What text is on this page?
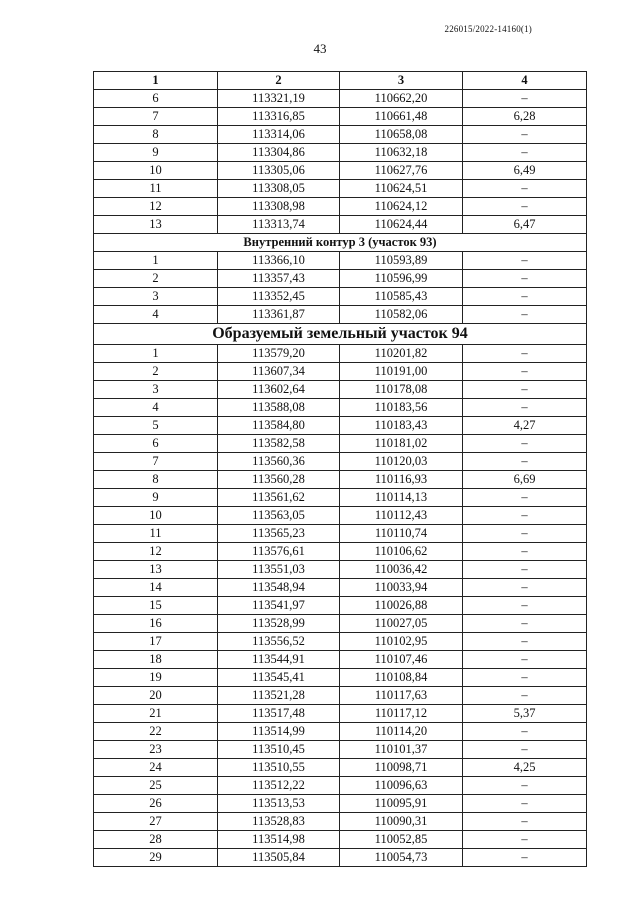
226015/2022-14160(1)
43
1	2	3	4
6	113321,19	110662,20	–
7	113316,85	110661,48	6,28
8	113314,06	110658,08	–
9	113304,86	110632,18	–
10	113305,06	110627,76	6,49
11	113308,05	110624,51	–
12	113308,98	110624,12	–
13	113313,74	110624,44	6,47
Внутренний контур 3 (участок 93)			
1	113366,10	110593,89	–
2	113357,43	110596,99	–
3	113352,45	110585,43	–
4	113361,87	110582,06	–
Образуемый земельный участок 94			
1	113579,20	110201,82	–
2	113607,34	110191,00	–
3	113602,64	110178,08	–
4	113588,08	110183,56	–
5	113584,80	110183,43	4,27
6	113582,58	110181,02	–
7	113560,36	110120,03	–
8	113560,28	110116,93	6,69
9	113561,62	110114,13	–
10	113563,05	110112,43	–
11	113565,23	110110,74	–
12	113576,61	110106,62	–
13	113551,03	110036,42	–
14	113548,94	110033,94	–
15	113541,97	110026,88	–
16	113528,99	110027,05	–
17	113556,52	110102,95	–
18	113544,91	110107,46	–
19	113545,41	110108,84	–
20	113521,28	110117,63	–
21	113517,48	110117,12	5,37
22	113514,99	110114,20	–
23	113510,45	110101,37	–
24	113510,55	110098,71	4,25
25	113512,22	110096,63	–
26	113513,53	110095,91	–
27	113528,83	110090,31	–
28	113514,98	110052,85	–
29	113505,84	110054,73	–
